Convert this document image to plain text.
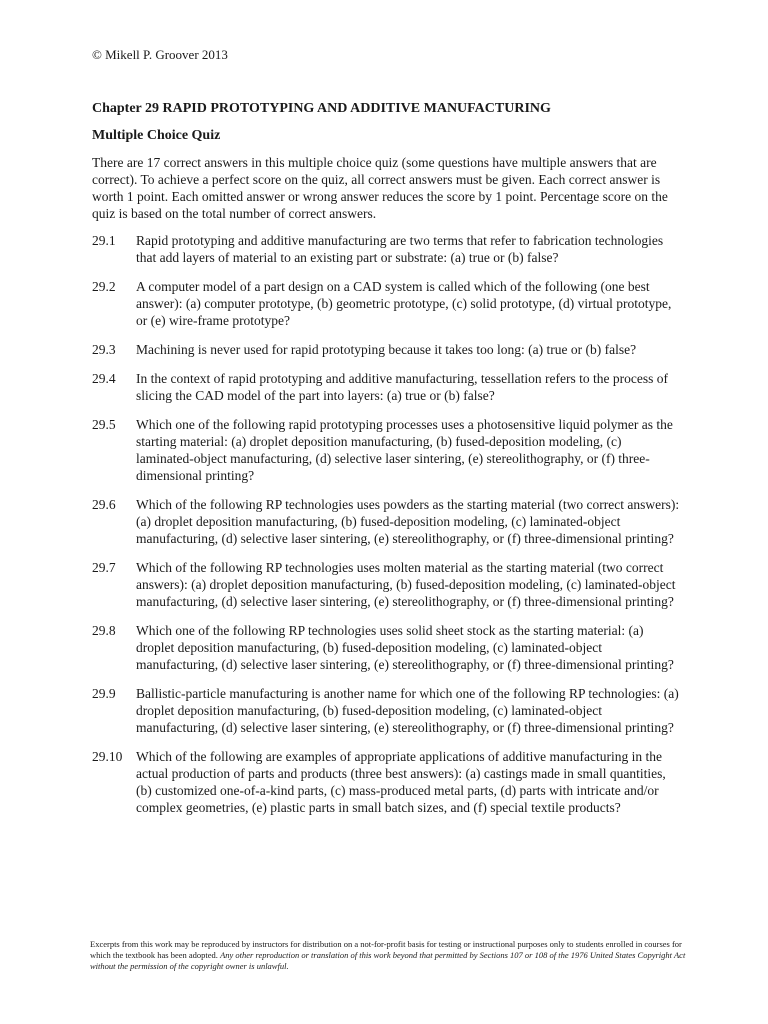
© Mikell P. Groover 2013
Chapter 29 RAPID PROTOTYPING AND ADDITIVE MANUFACTURING
Multiple Choice Quiz

There are 17 correct answers in this multiple choice quiz (some questions have multiple answers that are correct). To achieve a perfect score on the quiz, all correct answers must be given. Each correct answer is worth 1 point. Each omitted answer or wrong answer reduces the score by 1 point. Percentage score on the quiz is based on the total number of correct answers.

29.1	Rapid prototyping and additive manufacturing are two terms that refer to fabrication technologies that add layers of material to an existing part or substrate: (a) true or (b) false?
29.2	A computer model of a part design on a CAD system is called which of the following (one best answer): (a) computer prototype, (b) geometric prototype, (c) solid prototype, (d) virtual prototype, or (e) wire-frame prototype?
29.3	Machining is never used for rapid prototyping because it takes too long: (a) true or (b) false?
29.4	In the context of rapid prototyping and additive manufacturing, tessellation refers to the process of slicing the CAD model of the part into layers: (a) true or (b) false?
29.5	Which one of the following rapid prototyping processes uses a photosensitive liquid polymer as the starting material: (a) droplet deposition manufacturing, (b) fused-deposition modeling, (c) laminated-object manufacturing, (d) selective laser sintering, (e) stereolithography, or (f) three-dimensional printing?
29.6	Which of the following RP technologies uses powders as the starting material (two correct answers): (a) droplet deposition manufacturing, (b) fused-deposition modeling, (c) laminated-object manufacturing, (d) selective laser sintering, (e) stereolithography, or (f) three-dimensional printing?
29.7	Which of the following RP technologies uses molten material as the starting material (two correct answers): (a) droplet deposition manufacturing, (b) fused-deposition modeling, (c) laminated-object manufacturing, (d) selective laser sintering, (e) stereolithography, or (f) three-dimensional printing?
29.8	Which one of the following RP technologies uses solid sheet stock as the starting material: (a) droplet deposition manufacturing, (b) fused-deposition modeling, (c) laminated-object manufacturing, (d) selective laser sintering, (e) stereolithography, or (f) three-dimensional printing?
29.9	Ballistic-particle manufacturing is another name for which one of the following RP technologies: (a) droplet deposition manufacturing, (b) fused-deposition modeling, (c) laminated-object manufacturing, (d) selective laser sintering, (e) stereolithography, or (f) three-dimensional printing?
29.10	Which of the following are examples of appropriate applications of additive manufacturing in the actual production of parts and products (three best answers): (a) castings made in small quantities, (b) customized one-of-a-kind parts, (c) mass-produced metal parts, (d) parts with intricate and/or complex geometries, (e) plastic parts in small batch sizes, and (f) special textile products?

Excerpts from this work may be reproduced by instructors for distribution on a not-for-profit basis for testing or instructional purposes only to students enrolled in courses for which the textbook has been adopted. Any other reproduction or translation of this work beyond that permitted by Sections 107 or 108 of the 1976 United States Copyright Act without the permission of the copyright owner is unlawful.
